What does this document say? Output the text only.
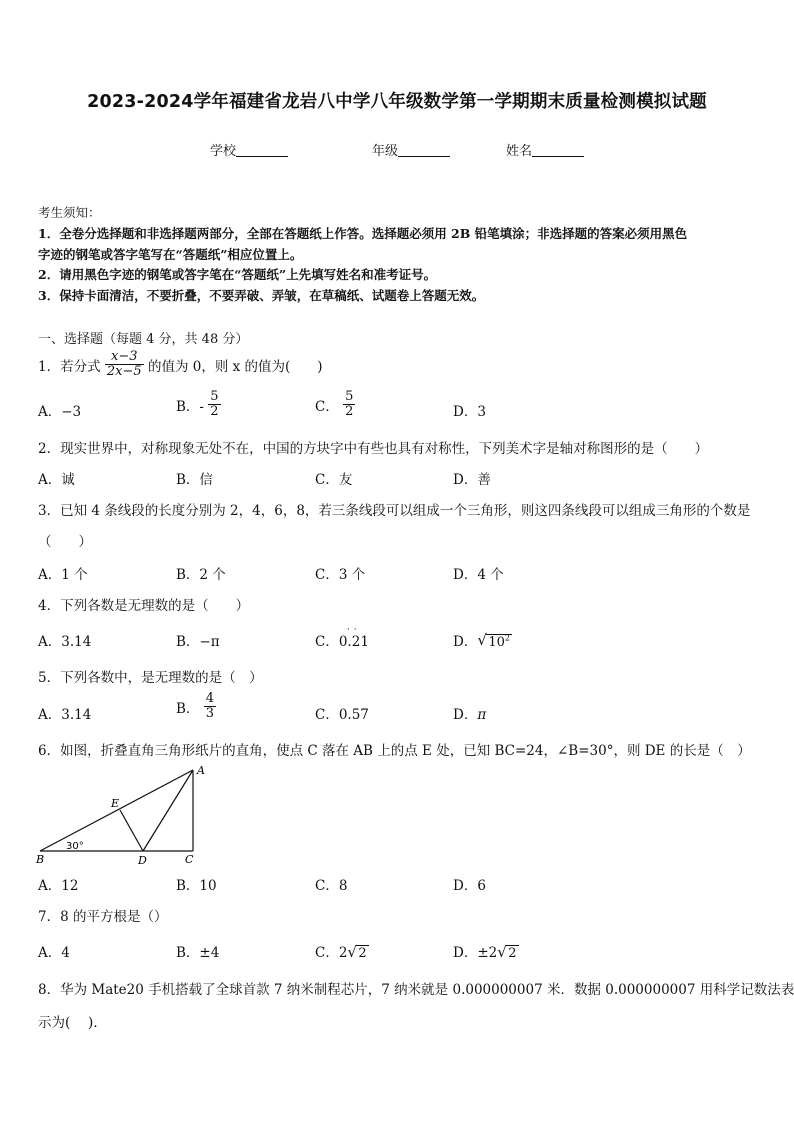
2023-2024学年福建省龙岩八中学八年级数学第一学期期末质量检测模拟试题
学校	年级	姓名
考生须知：
1．全卷分选择题和非选择题两部分，全部在答题纸上作答。选择题必须用 2B 铅笔填涂；非选择题的答案必须用黑色
字迹的钢笔或答字笔写在“答题纸”相应位置上。
2．请用黑色字迹的钢笔或答字笔在“答题纸”上先填写姓名和准考证号。
3．保持卡面清洁，不要折叠，不要弄破、弄皱，在草稿纸、试题卷上答题无效。
一、选择题（每题 4 分，共 48 分）
1．若分式 $\frac{x-3}{2x-5}$ 的值为 0，则 x 的值为(　　)
A．−3	B．- $\frac{5}{2}$	C． $\frac{5}{2}$	D．3
2．现实世界中，对称现象无处不在，中国的方块字中有些也具有对称性，下列美术字是轴对称图形的是（　　）
A．诚	B．信	C．友	D．善
3．已知 4 条线段的长度分别为 2，4，6，8，若三条线段可以组成一个三角形，则这四条线段可以组成三角形的个数是
（　　）
A．1 个	B．2 个	C．3 个	D．4 个
4．下列各数是无理数的是（　　）
A．3.14	B．−π	C．
··
0.21	D． √ $10^2$
5．下列各数中，是无理数的是（　）
A．3.14	B． $\frac{4}{3}$	C．0.57	D．π
6．如图，折叠直角三角形纸片的直角，使点 C 落在 AB 上的点 E 处，已知 BC=24，∠B=30°，则 DE 的长是（　）
A
B	C
D
E
30°
A．12	B．10	C．8	D．6
7．8 的平方根是（）
A．4	B．±4	C．2 √ 2	D．±2 √ 2
8．华为 Mate20 手机搭载了全球首款 7 纳米制程芯片，7 纳米就是 0.000000007 米．数据 0.000000007 用科学记数法表
示为(　 )．
